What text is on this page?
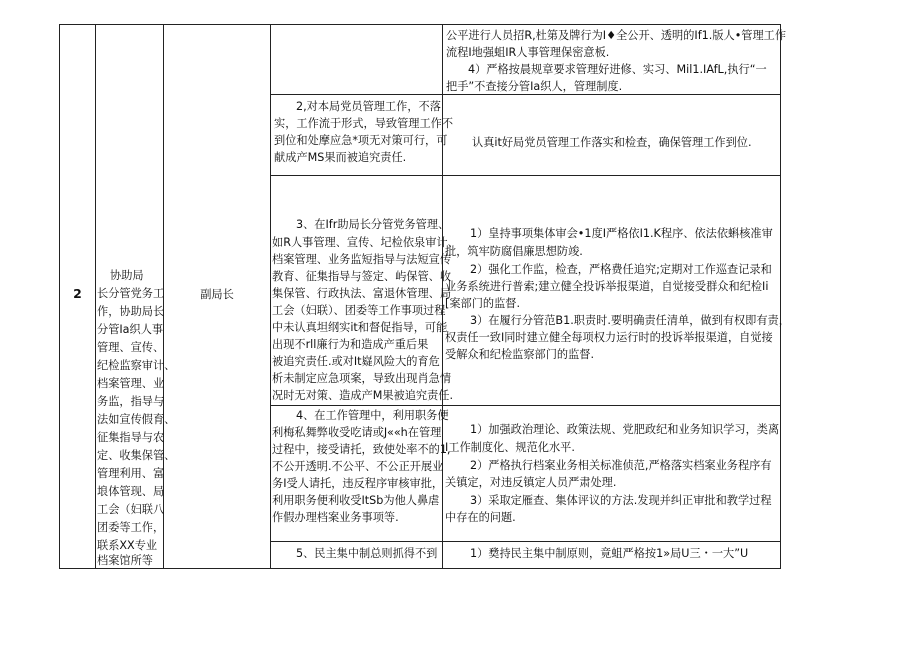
2
协助局
长分管党务工
作，协助局长
分管Ia织人事
管理、宣传、
纪检监察审计、
档案管理、业
务监，指导与
法如宣传假育、
征集指导与农
定、收集保管、
管理利用、富
埌体管现、局
工会（妇联八
团委等工作，
联系XX专业
档案馆所等
副局长
2,对本局党员管理工作，不落
实，工作流于形式，导致管理工作不
到位和处摩应急*项无对策可行，可
献成产MS果而被追究责任.
3、在Ifr助局长分管党务管理、
如R人事管理、宣传、圮检依泉审计、
档案管理、业务监短指导与法短宣传
教育、征集指导与签定、屿保管、收
集保管、行政执法、富退休管理、局
工会（妇联）、团委等工作事项过程
中未认真坦纲实it和督促指导，可能
出现不rll廉行为和造成产重后果
被追究责任.或对It嶷风险大的育危
析未制定应急项案，导致出现肖急情
况时无对策、造成产M果被追究责任.
4、在工作管理中，利用职务便
利梅私舞弊收受吃请或J««h在管理
过程中，接受请托，致使处率不的1,
不公开透明.不公平、不公正开展业
务I受人请托，违反程序审核审批，
利用职务便利收受ItSb为他人鼻虐
作假办理档案业务事项等.
5、民主集中制总则抓得不到
公平进行人员招R,杜第及牌行为I♦全公开、透明的If1.版人•管理工作
流程I地强蛆IR人事管理保密意板.
4）严格按晨规章要求管理好进修、实习、Mil1.IAfL,执行“一
把手”不查接分管Ia织人，管理制度.
认真it好局党员管理工作落实和检查，确保管理工作到位.
1）皇持事项集体审会•1度I严格依I1.K程序、依法依蝌核准审
批，筑牢防腐倡廉思想防竣.
2）强化工作监，检查，严格费任追究;定期对工作巡查记录和
业务系统进行普索;建立健全投诉举报渠道，自觉接受群众和纪检Ii
[案部门的监督.
3）在履行分管范B1.职责时.要明确责任清单，做到有权即有责，
权责任一致I同时建立健全每项权力运行时的投诉举报渠道，自觉接
受解众和纪检监察部门的监督.
1）加强政治理论、政策法规、党肥政纪和业务知识学习，类离
I工作制度化、规范化水平.
2）严格执行档案业务相关标准侦范,严格落实档案业务程序有
关镇定，对违反镇定人员严肃处理.
3）采取定雁查、集体评议的方法.发现并纠正审批和教学过程
中存在的问题.
1）奦持民主集中制原则，竟蛆严格按1»局U三・一大”U
